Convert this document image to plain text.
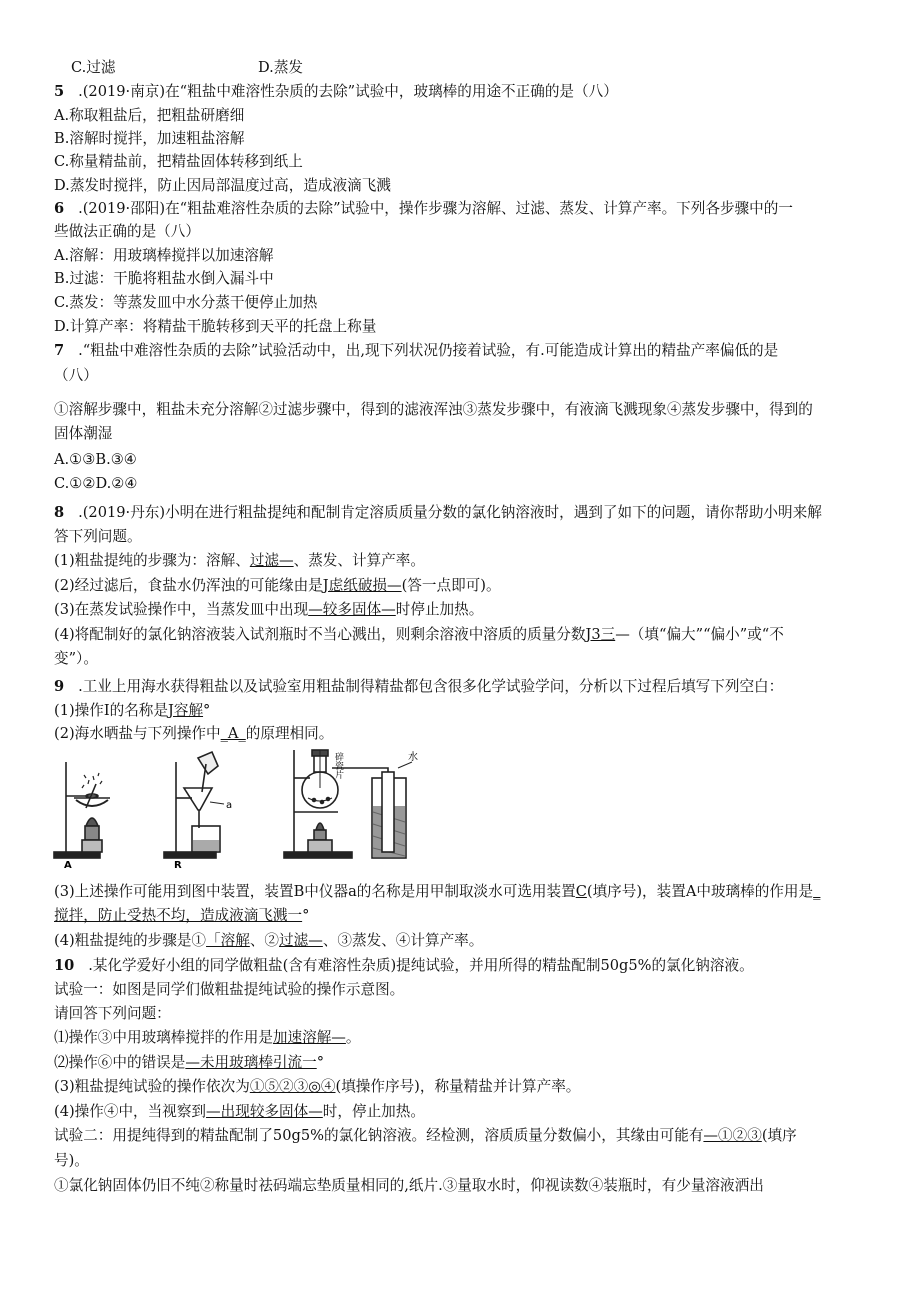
C.过滤	D.蒸发
5 .(2019·南京)在“粗盐中难溶性杂质的去除”试验中，玻璃棒的用途不正确的是（八）
A.称取粗盐后，把粗盐研磨细
B.溶解时搅拌，加速粗盐溶解
C.称量精盐前，把精盐固体转移到纸上
D.蒸发时搅拌，防止因局部温度过高，造成液滴飞溅
6 .(2019·邵阳)在“粗盐难溶性杂质的去除”试验中，操作步骤为溶解、过滤、蒸发、计算产率。下列各步骤中的一
些做法正确的是（八）
A.溶解：用玻璃棒搅拌以加速溶解
B.过滤：干脆将粗盐水倒入漏斗中
C.蒸发：等蒸发皿中水分蒸干便停止加热
D.计算产率：将精盐干脆转移到天平的托盘上称量
7 .“粗盐中难溶性杂质的去除”试验活动中，出,现下列状况仍接着试验，有.可能造成计算出的精盐产率偏低的是
（八）
①溶解步骤中，粗盐未充分溶解②过滤步骤中，得到的滤液浑浊③蒸发步骤中，有液滴飞溅现象④蒸发步骤中，得到的
固体潮湿
A.①③B.③④
C.①②D.②④
8 .(2019·丹东)小明在进行粗盐提纯和配制肯定溶质质量分数的氯化钠溶液时，遇到了如下的问题，请你帮助小明来解
答下列问题。
(1)粗盐提纯的步骤为：溶解、过滤—、蒸发、计算产率。
(2)经过滤后，食盐水仍浑浊的可能缘由是J虑纸破损—(答一点即可)。
(3)在蒸发试验操作中，当蒸发皿中出现—较多固体—时停止加热。
(4)将配制好的氯化钠溶液装入试剂瓶时不当心溅出，则剩余溶液中溶质的质量分数J3三—（填“偏大”“偏小”或“不
变”）。
9 .工业上用海水获得粗盐以及试验室用粗盐制得精盐都包含很多化学试验学问，分析以下过程后填写下列空白：
(1)操作I的名称是J容解°
(2)海水晒盐与下列操作中_A_的原理相同。
A
a
R
碎瓷片	水
(3)上述操作可能用到图中装置，装置B中仪器a的名称是用甲制取淡水可选用装置C(填序号)，装置A中玻璃棒的作用是_
搅拌，防止受热不均，造成液滴飞溅一°
(4)粗盐提纯的步骤是①「溶解、②过滤—、③蒸发、④计算产率。
10 .某化学爱好小组的同学做粗盐(含有难溶性杂质)提纯试验，并用所得的精盐配制50g5%的氯化钠溶液。
试验一：如图是同学们做粗盐提纯试验的操作示意图。
请回答下列问题：
⑴操作③中用玻璃棒搅拌的作用是加速溶解—。
⑵操作⑥中的错误是—未用玻璃棒引流一°
(3)粗盐提纯试验的操作依次为①⑤②③◎④(填操作序号)，称量精盐并计算产率。
(4)操作④中，当视察到—出现较多固体—时，停止加热。
试验二：用提纯得到的精盐配制了50g5%的氯化钠溶液。经检测，溶质质量分数偏小，其缘由可能有—①②③(填序
号)。
①氯化钠固体仍旧不纯②称量时祛码端忘垫质量相同的,纸片.③量取水时，仰视读数④装瓶时，有少量溶液洒出
